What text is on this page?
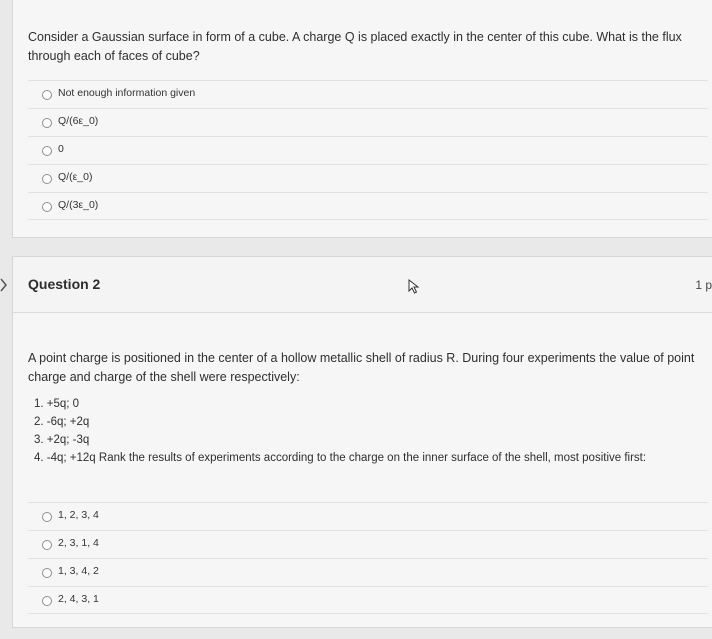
Consider a Gaussian surface in form of a cube. A charge Q is placed exactly in the center of this cube. What is the flux through each of faces of cube?
Not enough information given
Q/(6ε_0)
0
Q/(ε_0)
Q/(3ε_0)
Question 2	1 p
A point charge is positioned in the center of a hollow metallic shell of radius R. During four experiments the value of point charge and charge of the shell were respectively:
1. +5q; 0
2. -6q; +2q
3. +2q; -3q
4. -4q; +12q Rank the results of experiments according to the charge on the inner surface of the shell, most positive first:
1, 2, 3, 4
2, 3, 1, 4
1, 3, 4, 2
2, 4, 3, 1
